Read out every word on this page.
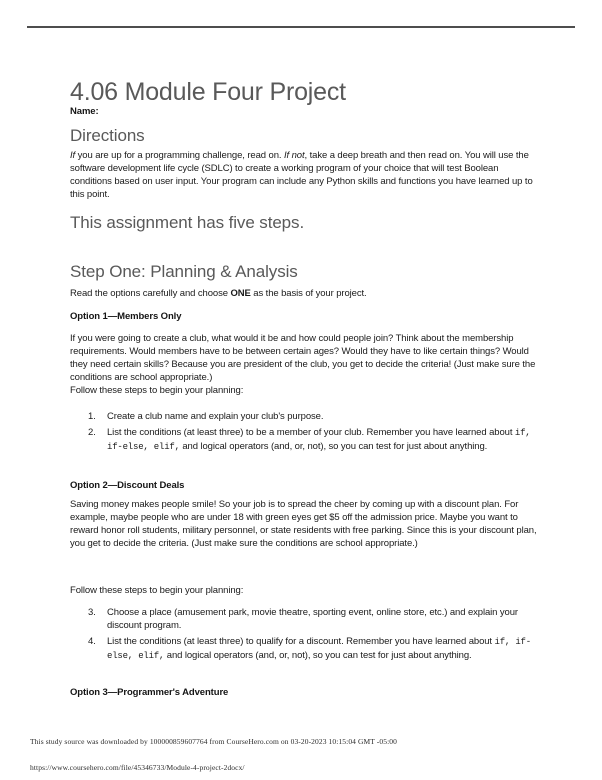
4.06 Module Four Project
Name:
Directions

If you are up for a programming challenge, read on. If not, take a deep breath and then read on. You will use the software development life cycle (SDLC) to create a working program of your choice that will test Boolean conditions based on user input. Your program can include any Python skills and functions you have learned up to this point.

This assignment has five steps.
Step One: Planning & Analysis

Read the options carefully and choose ONE as the basis of your project.

Option 1—Members Only

If you were going to create a club, what would it be and how could people join? Think about the membership requirements. Would members have to be between certain ages? Would they have to like certain things? Would they need certain skills? Because you are president of the club, you get to decide the criteria! (Just make sure the conditions are school appropriate.)

Follow these steps to begin your planning:

1. Create a club name and explain your club's purpose.
2. List the conditions (at least three) to be a member of your club. Remember you have learned about if, if-else, elif, and logical operators (and, or, not), so you can test for just about anything.
Option 2—Discount Deals

Saving money makes people smile! So your job is to spread the cheer by coming up with a discount plan. For example, maybe people who are under 18 with green eyes get $5 off the admission price. Maybe you want to reward honor roll students, military personnel, or state residents with free parking. Since this is your discount plan, you get to decide the criteria. (Just make sure the conditions are school appropriate.)

Follow these steps to begin your planning:

3. Choose a place (amusement park, movie theatre, sporting event, online store, etc.) and explain your discount program.
4. List the conditions (at least three) to qualify for a discount. Remember you have learned about if, if-else, elif, and logical operators (and, or, not), so you can test for just about anything.
Option 3—Programmer's Adventure
This study source was downloaded by 100000859607764 from CourseHero.com on 03-20-2023 10:15:04 GMT -05:00
https://www.coursehero.com/file/45346733/Module-4-project-2docx/
